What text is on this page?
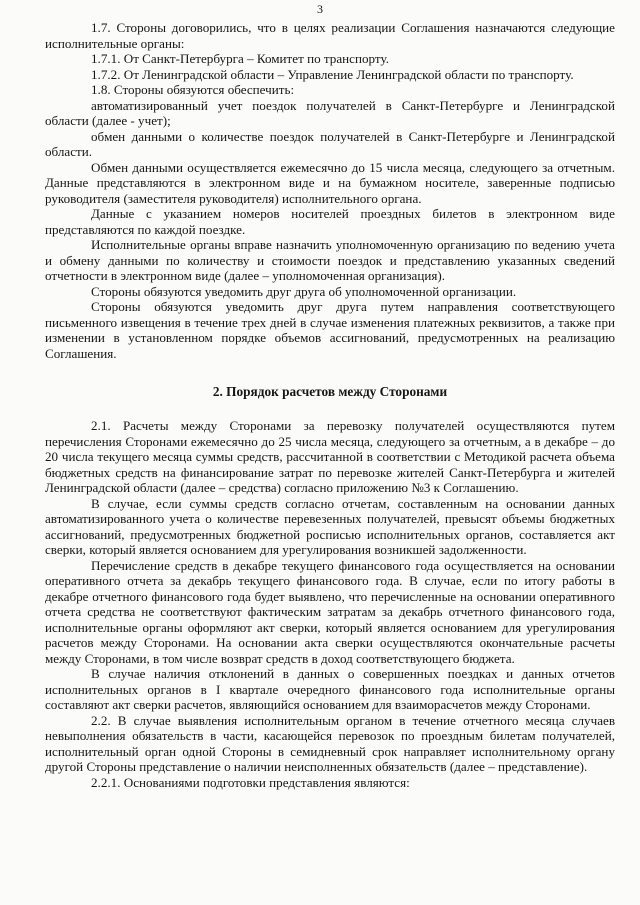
3

1.7. Стороны договорились, что в целях реализации Соглашения назначаются следующие исполнительные органы:

1.7.1. От Санкт-Петербурга – Комитет по транспорту.

1.7.2. От Ленинградской области – Управление Ленинградской области по транспорту.

1.8. Стороны обязуются обеспечить:

автоматизированный учет поездок получателей в Санкт-Петербурге и Ленинградской области (далее - учет);

обмен данными о количестве поездок получателей в Санкт-Петербурге и Ленинградской области.

Обмен данными осуществляется ежемесячно до 15 числа месяца, следующего за отчетным. Данные представляются в электронном виде и на бумажном носителе, заверенные подписью руководителя (заместителя руководителя) исполнительного органа.

Данные с указанием номеров носителей проездных билетов в электронном виде представляются по каждой поездке.

Исполнительные органы вправе назначить уполномоченную организацию по ведению учета и обмену данными по количеству и стоимости поездок и представлению указанных сведений отчетности в электронном виде (далее – уполномоченная организация).

Стороны обязуются уведомить друг друга об уполномоченной организации.

Стороны обязуются уведомить друг друга путем направления соответствующего письменного извещения в течение трех дней в случае изменения платежных реквизитов, а также при изменении в установленном порядке объемов ассигнований, предусмотренных на реализацию Соглашения.

2. Порядок расчетов между Сторонами

2.1. Расчеты между Сторонами за перевозку получателей осуществляются путем перечисления Сторонами ежемесячно до 25 числа месяца, следующего за отчетным, а в декабре – до 20 числа текущего месяца суммы средств, рассчитанной в соответствии с Методикой расчета объема бюджетных средств на финансирование затрат по перевозке жителей Санкт-Петербурга и жителей Ленинградской области (далее – средства) согласно приложению №3 к Соглашению.

В случае, если суммы средств согласно отчетам, составленным на основании данных автоматизированного учета о количестве перевезенных получателей, превысят объемы бюджетных ассигнований, предусмотренных бюджетной росписью исполнительных органов, составляется акт сверки, который является основанием для урегулирования возникшей задолженности.

Перечисление средств в декабре текущего финансового года осуществляется на основании оперативного отчета за декабрь текущего финансового года. В случае, если по итогу работы в декабре отчетного финансового года будет выявлено, что перечисленные на основании оперативного отчета средства не соответствуют фактическим затратам за декабрь отчетного финансового года, исполнительные органы оформляют акт сверки, который является основанием для урегулирования расчетов между Сторонами. На основании акта сверки осуществляются окончательные расчеты между Сторонами, в том числе возврат средств в доход соответствующего бюджета.

В случае наличия отклонений в данных о совершенных поездках и данных отчетов исполнительных органов в I квартале очередного финансового года исполнительные органы составляют акт сверки расчетов, являющийся основанием для взаиморасчетов между Сторонами.

2.2. В случае выявления исполнительным органом в течение отчетного месяца случаев невыполнения обязательств в части, касающейся перевозок по проездным билетам получателей, исполнительный орган одной Стороны в семидневный срок направляет исполнительному органу другой Стороны представление о наличии неисполненных обязательств (далее – представление).

2.2.1. Основаниями подготовки представления являются:
